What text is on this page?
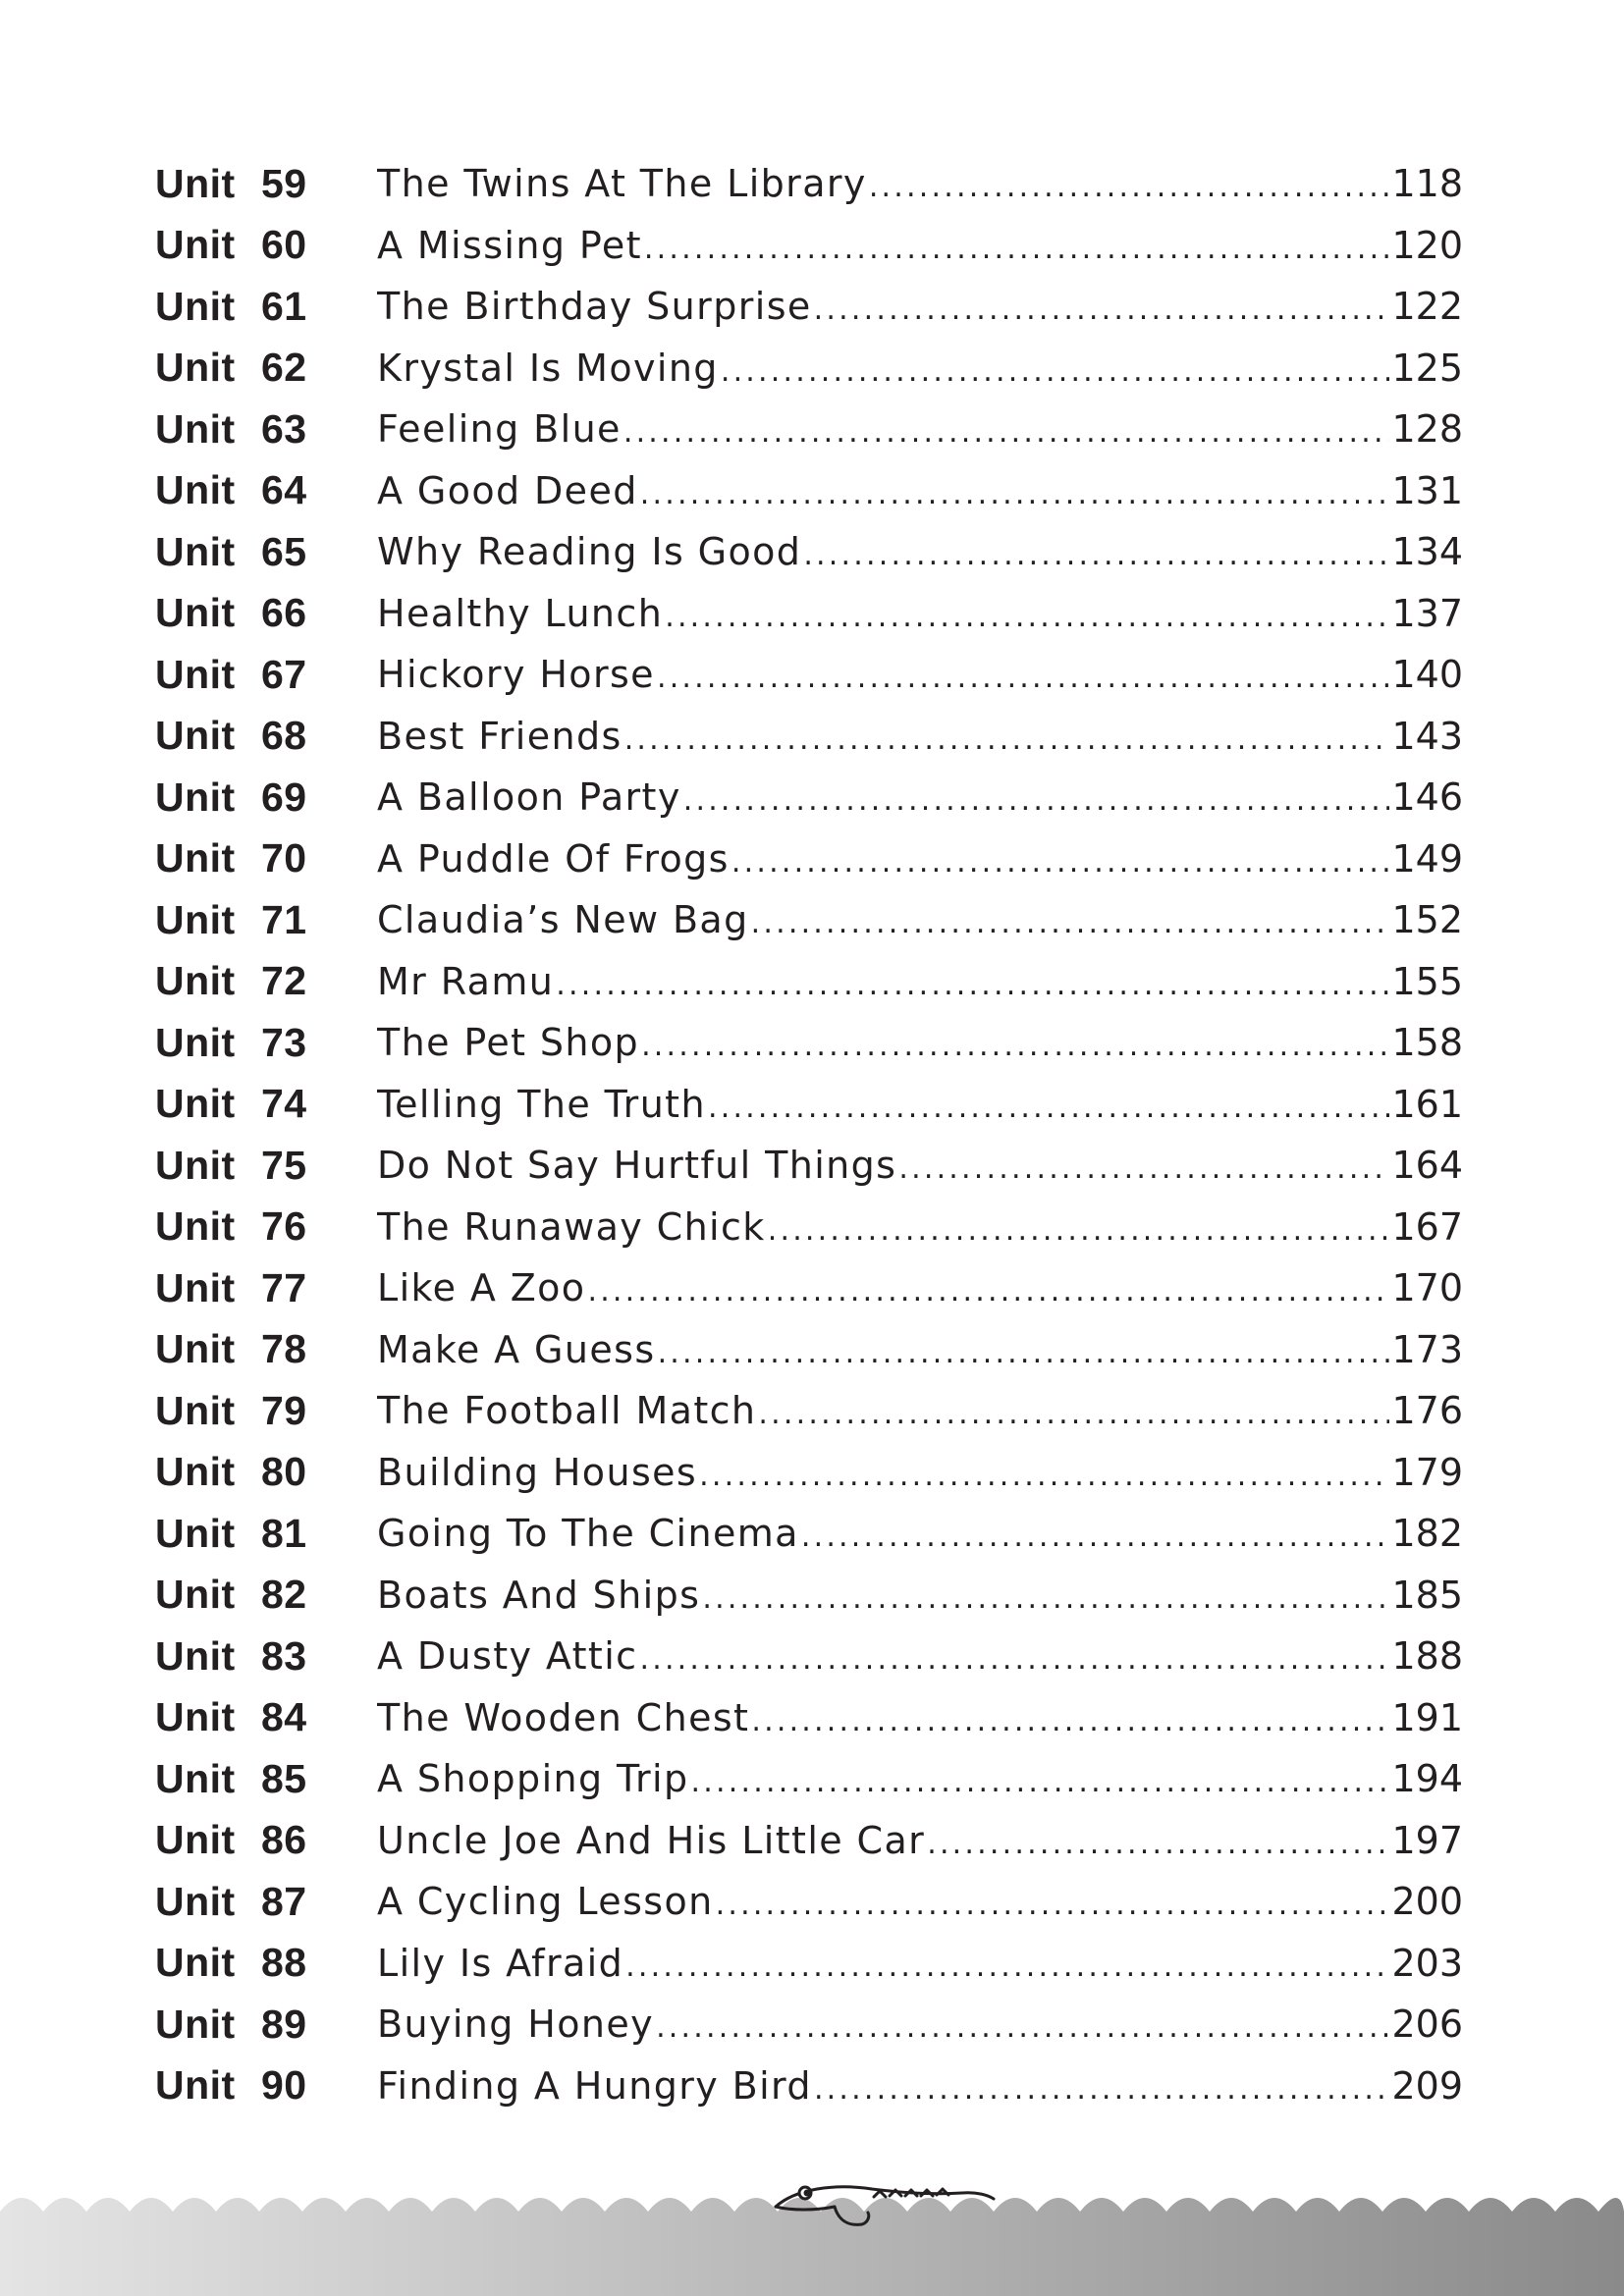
Unit 59 The Twins At The Library .....	118
Unit 60 A Missing Pet .....	120
Unit 61 The Birthday Surprise .....	122
Unit 62 Krystal Is Moving .....	125
Unit 63 Feeling Blue .....	128
Unit 64 A Good Deed .....	131
Unit 65 Why Reading Is Good .....	134
Unit 66 Healthy Lunch .....	137
Unit 67 Hickory Horse .....	140
Unit 68 Best Friends .....	143
Unit 69 A Balloon Party .....	146
Unit 70 A Puddle Of Frogs .....	149
Unit 71 Claudia’s New Bag .....	152
Unit 72 Mr Ramu .....	155
Unit 73 The Pet Shop .....	158
Unit 74 Telling The Truth .....	161
Unit 75 Do Not Say Hurtful Things .....	164
Unit 76 The Runaway Chick .....	167
Unit 77 Like A Zoo .....	170
Unit 78 Make A Guess .....	173
Unit 79 The Football Match .....	176
Unit 80 Building Houses .....	179
Unit 81 Going To The Cinema .....	182
Unit 82 Boats And Ships .....	185
Unit 83 A Dusty Attic .....	188
Unit 84 The Wooden Chest .....	191
Unit 85 A Shopping Trip .....	194
Unit 86 Uncle Joe And His Little Car .....	197
Unit 87 A Cycling Lesson .....	200
Unit 88 Lily Is Afraid .....	203
Unit 89 Buying Honey .....	206
Unit 90 Finding A Hungry Bird .....	209
